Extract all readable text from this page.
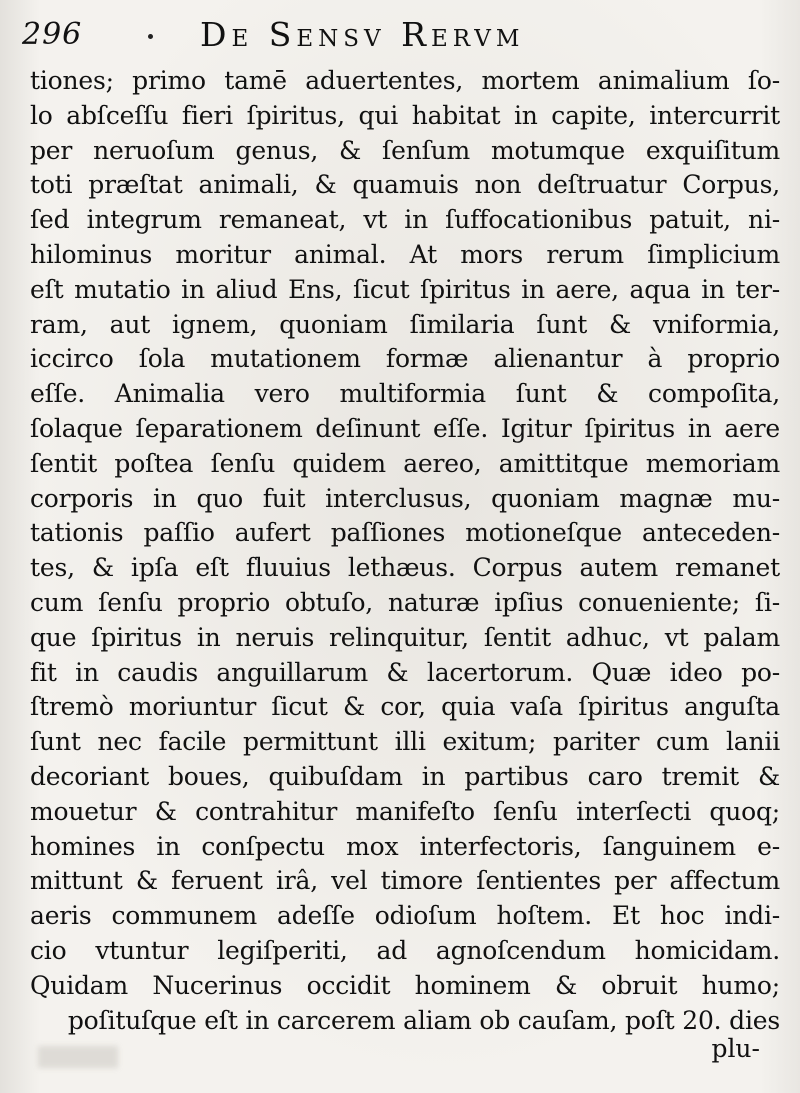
296	De Sensv Rervm
tiones; primo tamē aduertentes, mortem animalium ſo-
lo abſceſſu fieri ſpiritus, qui habitat in capite, intercurrit
per neruoſum genus, & ſenſum motumque exquiſitum
toti præſtat animali, & quamuis non deſtruatur Corpus,
ſed integrum remaneat, vt in ſuffocationibus patuit, ni-
hilominus moritur animal. At mors rerum ſimplicium
eſt mutatio in aliud Ens, ſicut ſpiritus in aere, aqua in ter-
ram, aut ignem, quoniam ſimilaria ſunt & vniformia,
iccirco ſola mutationem formæ alienantur à proprio
eſſe. Animalia vero multiformia ſunt & compoſita,
ſolaque ſeparationem deſinunt eſſe. Igitur ſpiritus in aere
ſentit poſtea ſenſu quidem aereo, amittitque memoriam
corporis in quo fuit interclusus, quoniam magnæ mu-
tationis paſſio aufert paſſiones motioneſque anteceden-
tes, & ipſa eſt fluuius lethæus. Corpus autem remanet
cum ſenſu proprio obtuſo, naturæ ipſius conueniente; ſi-
que ſpiritus in neruis relinquitur, ſentit adhuc, vt palam
fit in caudis anguillarum & lacertorum. Quæ ideo po-
ſtremò moriuntur ſicut & cor, quia vaſa ſpiritus anguſta
ſunt nec facile permittunt illi exitum; pariter cum lanii
decoriant boues, quibuſdam in partibus caro tremit &
mouetur & contrahitur manifeſto ſenſu interſecti quoq;
homines in conſpectu mox interfectoris, ſanguinem e-
mittunt & feruent irâ, vel timore ſentientes per affectum
aeris communem adeſſe odioſum hoſtem. Et hoc indi-
cio vtuntur legiſperiti, ad agnoſcendum homicidam.
Quidam Nucerinus occidit hominem & obruit humo;
poſituſque eſt in carcerem aliam ob cauſam, poſt 20. dies
plu-
